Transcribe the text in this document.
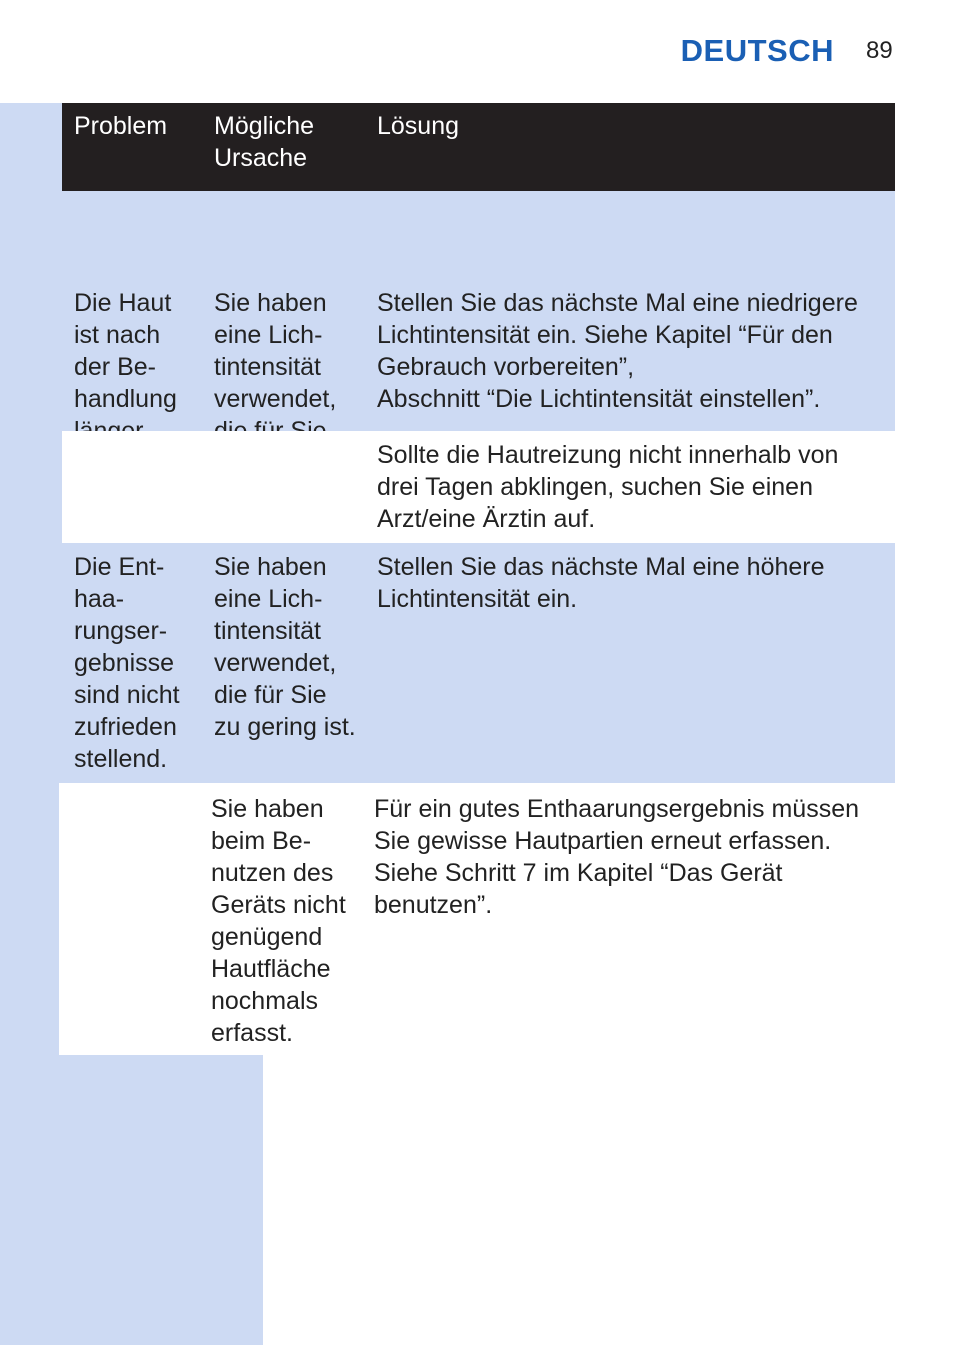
DEUTSCH 89
Problem	Mögliche
Ursache
Lösung
Die Haut
ist nach
der Be-
handlung

Sie haben
eine Lich-
tintensität
verwendet,

Stellen Sie das nächste Mal eine niedrigere
Lichtintensität ein. Siehe Kapitel “Für den
Gebrauch vorbereiten”,
Abschnitt “Die Lichtintensität einstellen”.
Sollte die Hautreizung nicht innerhalb von
drei Tagen abklingen, suchen Sie einen
Arzt/eine Ärztin auf.
Die Ent-
haa-
rungser-
gebnisse
sind nicht
zufrieden
stellend.
Sie haben
eine Lich-
tintensität
verwendet,
die für Sie
zu gering ist.
Stellen Sie das nächste Mal eine höhere
Lichtintensität ein.
Sie haben
beim Be-
nutzen des
Geräts nicht
genügend
Hautfläche
nochmals
erfasst.
Für ein gutes Enthaarungsergebnis müssen
Sie gewisse Hautpartien erneut erfassen.
Siehe Schritt 7 im Kapitel “Das Gerät
benutzen”.
